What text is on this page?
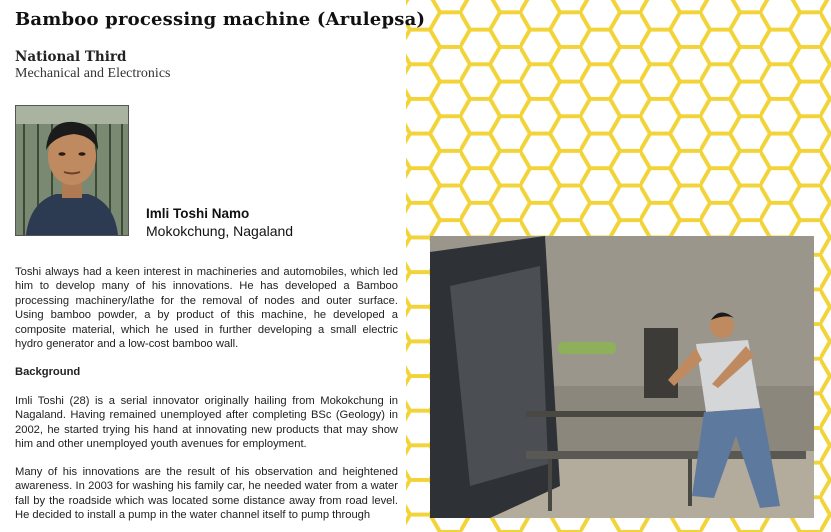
Bamboo processing machine (Arulepsa)
National Third
Mechanical and Electronics
Imli Toshi Namo
Mokokchung, Nagaland

Toshi always had a keen interest in machineries and automobiles, which led him to develop many of his innovations. He has developed a Bamboo processing machinery/lathe for the removal of nodes and outer surface. Using bamboo powder, a by product of this machine, he developed a composite material, which he used in further developing a small electric hydro generator and a low-cost bamboo wall.

Background

Imli Toshi (28) is a serial innovator originally hailing from Mokokchung in Nagaland. Having remained unemployed after completing BSc (Geology) in 2002, he started trying his hand at innovating new products that may show him and other unemployed youth avenues for employment.

Many of his innovations are the result of his observation and heightened awareness. In 2003 for washing his family car, he needed water from a water fall by the roadside which was located some distance away from road level. He decided to install a pump in the water channel itself to pump through
